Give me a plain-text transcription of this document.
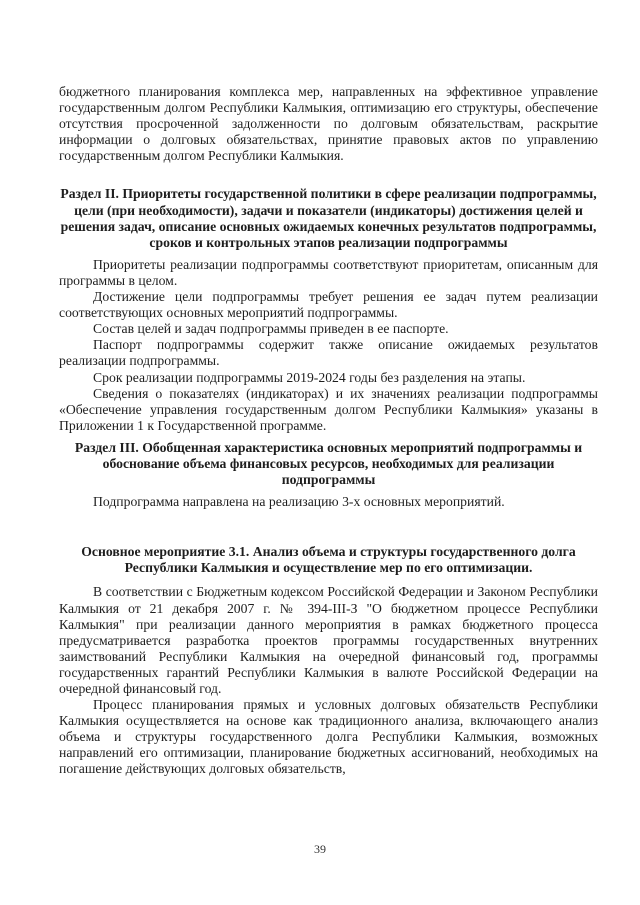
бюджетного планирования комплекса мер, направленных на эффективное управление государственным долгом Республики Калмыкия, оптимизацию его структуры, обеспечение отсутствия просроченной задолженности по долговым обязательствам, раскрытие информации о долговых обязательствах, принятие правовых актов по управлению государственным долгом Республики Калмыкия.

Раздел II. Приоритеты государственной политики в сфере реализации подпрограммы, цели (при необходимости), задачи и показатели (индикаторы) достижения целей и решения задач, описание основных ожидаемых конечных результатов подпрограммы, сроков и контрольных этапов реализации подпрограммы

Приоритеты реализации подпрограммы соответствуют приоритетам, описанным для программы в целом.

Достижение цели подпрограммы требует решения ее задач путем реализации соответствующих основных мероприятий подпрограммы.

Состав целей и задач подпрограммы приведен в ее паспорте.

Паспорт подпрограммы содержит также описание ожидаемых результатов реализации подпрограммы.

Срок реализации подпрограммы 2019-2024 годы без разделения на этапы.

Сведения о показателях (индикаторах) и их значениях реализации подпрограммы «Обеспечение управления государственным долгом Республики Калмыкия» указаны в Приложении 1 к Государственной программе.

Раздел III. Обобщенная характеристика основных мероприятий подпрограммы и обоснование объема финансовых ресурсов, необходимых для реализации подпрограммы

Подпрограмма направлена на реализацию 3-х основных мероприятий.

Основное мероприятие 3.1. Анализ объема и структуры государственного долга Республики Калмыкия и осуществление мер по его оптимизации.

В соответствии с Бюджетным кодексом Российской Федерации и Законом Республики Калмыкия от 21 декабря 2007 г. № 394-III-З "О бюджетном процессе Республики Калмыкия" при реализации данного мероприятия в рамках бюджетного процесса предусматривается разработка проектов программы государственных внутренних заимствований Республики Калмыкия на очередной финансовый год, программы государственных гарантий Республики Калмыкия в валюте Российской Федерации на очередной финансовый год.

Процесс планирования прямых и условных долговых обязательств Республики Калмыкия осуществляется на основе как традиционного анализа, включающего анализ объема и структуры государственного долга Республики Калмыкия, возможных направлений его оптимизации, планирование бюджетных ассигнований, необходимых на погашение действующих долговых обязательств,

39
